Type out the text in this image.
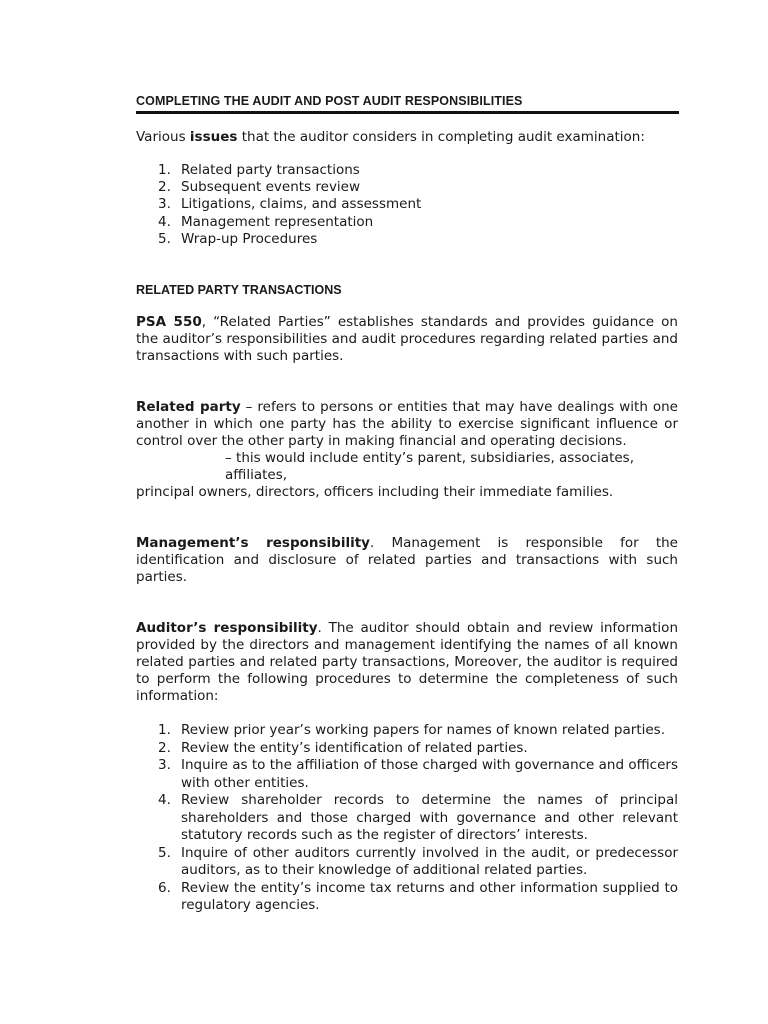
COMPLETING THE AUDIT AND POST AUDIT RESPONSIBILITIES

Various issues that the auditor considers in completing audit examination:

1. Related party transactions
2. Subsequent events review
3. Litigations, claims, and assessment
4. Management representation
5. Wrap-up Procedures
RELATED PARTY TRANSACTIONS

PSA 550, “Related Parties” establishes standards and provides guidance on the auditor’s responsibilities and audit procedures regarding related parties and transactions with such parties.

Related party – refers to persons or entities that may have dealings with one another in which one party has the ability to exercise significant influence or control over the other party in making financial and operating decisions.

– this would include entity’s parent, subsidiaries, associates, affiliates,

principal owners, directors, officers including their immediate families.

Management’s responsibility. Management is responsible for the identification and disclosure of related parties and transactions with such parties.

Auditor’s responsibility. The auditor should obtain and review information provided by the directors and management identifying the names of all known related parties and related party transactions, Moreover, the auditor is required to perform the following procedures to determine the completeness of such information:

1. Review prior year’s working papers for names of known related parties.
2. Review the entity’s identification of related parties.
3. Inquire as to the affiliation of those charged with governance and officers with other entities.
4. Review shareholder records to determine the names of principal shareholders and those charged with governance and other relevant statutory records such as the register of directors’ interests.
5. Inquire of other auditors currently involved in the audit, or predecessor auditors, as to their knowledge of additional related parties.
6. Review the entity’s income tax returns and other information supplied to regulatory agencies.
